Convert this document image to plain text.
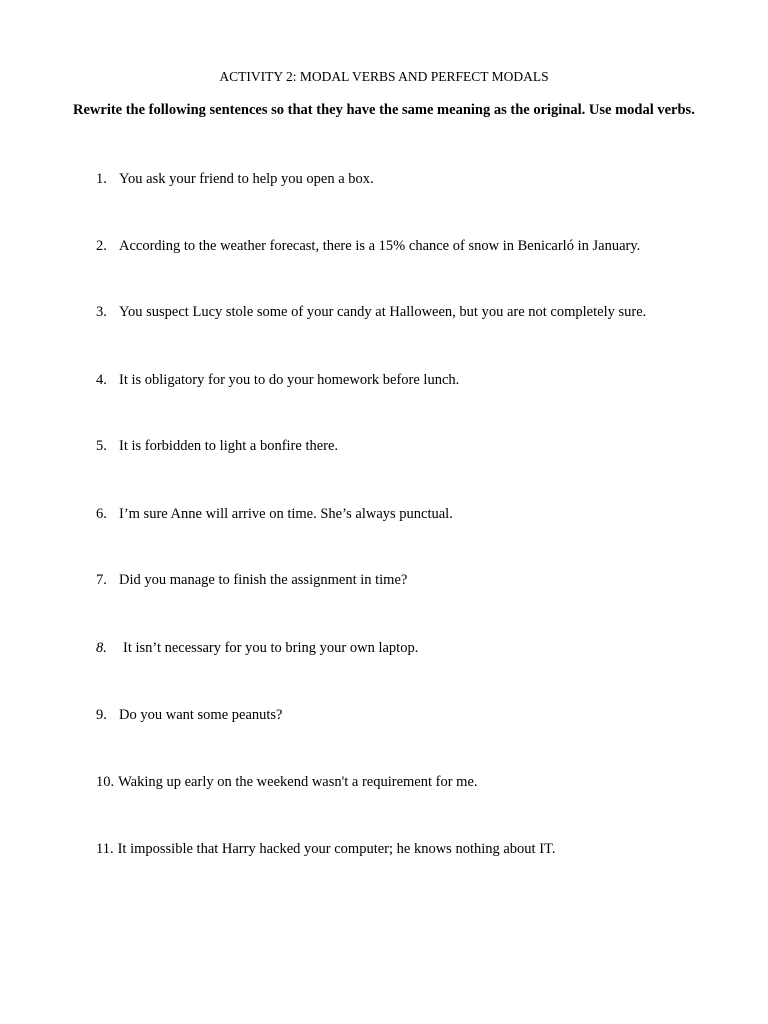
ACTIVITY 2: MODAL VERBS AND PERFECT MODALS
Rewrite the following sentences so that they have the same meaning as the original. Use modal verbs.
1. You ask your friend to help you open a box.
2. According to the weather forecast, there is a 15% chance of snow in Benicarló in January.
3. You suspect Lucy stole some of your candy at Halloween, but you are not completely sure.
4. It is obligatory for you to do your homework before lunch.
5. It is forbidden to light a bonfire there.
6. I’m sure Anne will arrive on time. She’s always punctual.
7. Did you manage to finish the assignment in time?
8. It isn’t necessary for you to bring your own laptop.
9. Do you want some peanuts?
10. Waking up early on the weekend wasn't a requirement for me.
11. It impossible that Harry hacked your computer; he knows nothing about IT.
